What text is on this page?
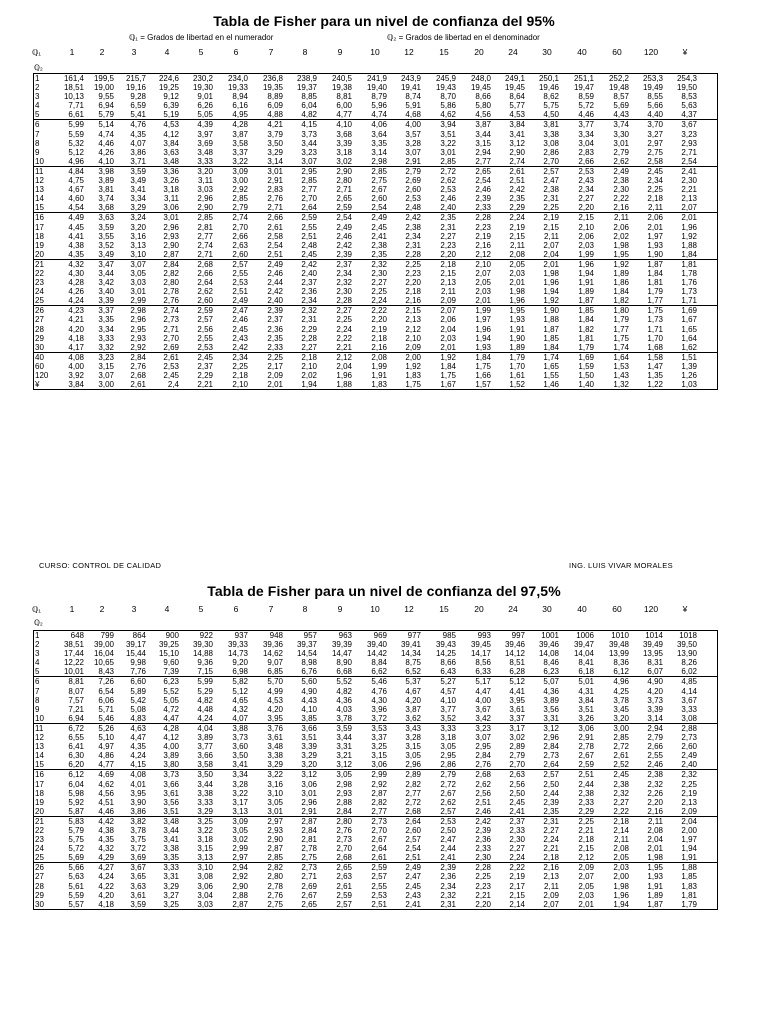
Tabla de Fisher para un nivel de confianza del 95%
ℚ₁ = Grados de libertad en el numerador	ℚ₂ = Grados de libertad en el denominador
ℚ₁	1	2	3	4	5	6	7	8	9	10	12	15	20	24	30	40	60	120	¥
ℚ₂
1	161,4 199,5 215,7 224,6 230,2 234,0 236,8 238,9 240,5 241,9 243,9 245,9 248,0 249,1 250,1 251,1 252,2 253,3 254,3
2	18,51 19,00 19,16 19,25 19,30 19,33 19,35 19,37 19,38 19,40 19,41 19,43 19,45 19,45 19,46 19,47 19,48 19,49 19,50
3	10,13 9,55 9,28 9,12 9,01 8,94 8,89 8,85 8,81 8,79 8,74 8,70 8,66 8,64 8,62 8,59 8,57 8,55 8,53
4	7,71 6,94 6,59 6,39 6,26 6,16 6,09 6,04 6,00 5,96 5,91 5,86 5,80 5,77 5,75 5,72 5,69 5,66 5,63
5	6,61 5,79 5,41 5,19 5,05 4,95 4,88 4,82 4,77 4,74 4,68 4,62 4,56 4,53 4,50 4,46 4,43 4,40 4,37
6	5,99 5,14 4,76 4,53 4,39 4,28 4,21 4,15 4,10 4,06 4,00 3,94 3,87 3,84 3,81 3,77 3,74 3,70 3,67
7	5,59 4,74 4,35 4,12 3,97 3,87 3,79 3,73 3,68 3,64 3,57 3,51 3,44 3,41 3,38 3,34 3,30 3,27 3,23
8	5,32 4,46 4,07 3,84 3,69 3,58 3,50 3,44 3,39 3,35 3,28 3,22 3,15 3,12 3,08 3,04 3,01 2,97 2,93
9	5,12 4,26 3,86 3,63 3,48 3,37 3,29 3,23 3,18 3,14 3,07 3,01 2,94 2,90 2,86 2,83 2,79 2,75 2,71
10	4,96 4,10 3,71 3,48 3,33 3,22 3,14 3,07 3,02 2,98 2,91 2,85 2,77 2,74 2,70 2,66 2,62 2,58 2,54
11	4,84 3,98 3,59 3,36 3,20 3,09 3,01 2,95 2,90 2,85 2,79 2,72 2,65 2,61 2,57 2,53 2,49 2,45 2,41
12	4,75 3,89 3,49 3,26 3,11 3,00 2,91 2,85 2,80 2,75 2,69 2,62 2,54 2,51 2,47 2,43 2,38 2,34 2,30
13	4,67 3,81 3,41 3,18 3,03 2,92 2,83 2,77 2,71 2,67 2,60 2,53 2,46 2,42 2,38 2,34 2,30 2,25 2,21
14	4,60 3,74 3,34 3,11 2,96 2,85 2,76 2,70 2,65 2,60 2,53 2,46 2,39 2,35 2,31 2,27 2,22 2,18 2,13
15	4,54 3,68 3,29 3,06 2,90 2,79 2,71 2,64 2,59 2,54 2,48 2,40 2,33 2,29 2,25 2,20 2,16 2,11 2,07
16	4,49 3,63 3,24 3,01 2,85 2,74 2,66 2,59 2,54 2,49 2,42 2,35 2,28 2,24 2,19 2,15	2,11 2,06 2,01
17	4,45 3,59 3,20 2,96 2,81 2,70 2,61 2,55 2,49 2,45 2,38 2,31 2,23 2,19 2,15 2,10 2,06 2,01 1,96
18	4,41 3,55 3,16 2,93 2,77 2,66 2,58 2,51 2,46 2,41 2,34 2,27 2,19 2,15 2,11 2,06 2,02 1,97 1,92
19	4,38 3,52 3,13 2,90 2,74 2,63 2,54 2,48 2,42 2,38 2,31 2,23 2,16 2,11 2,07 2,03 1,98 1,93 1,88
20	4,35 3,49 3,10 2,87 2,71 2,60 2,51 2,45 2,39 2,35 2,28 2,20 2,12 2,08 2,04 1,99 1,95 1,90 1,84
21	4,32 3,47 3,07 2,84 2,68 2,57 2,49 2,42 2,37 2,32 2,25 2,18 2,10 2,05 2,01 1,96 1,92 1,87 1,81
22	4,30 3,44 3,05 2,82 2,66 2,55 2,46 2,40 2,34 2,30 2,23 2,15 2,07 2,03 1,98 1,94 1,89 1,84 1,78
23	4,28 3,42 3,03 2,80 2,64 2,53 2,44 2,37 2,32 2,27 2,20 2,13 2,05 2,01 1,96 1,91 1,86 1,81 1,76
24	4,26 3,40 3,01 2,78 2,62 2,51 2,42 2,36 2,30 2,25 2,18	2,11 2,03 1,98 1,94 1,89 1,84 1,79 1,73
25	4,24 3,39 2,99 2,76 2,60 2,49 2,40 2,34 2,28 2,24 2,16 2,09 2,01 1,96 1,92 1,87 1,82 1,77 1,71
26	4,23 3,37 2,98 2,74 2,59 2,47 2,39 2,32 2,27 2,22 2,15 2,07 1,99 1,95 1,90 1,85 1,80 1,75 1,69
27	4,21 3,35 2,96 2,73 2,57 2,46 2,37 2,31 2,25 2,20 2,13 2,06 1,97 1,93 1,88 1,84 1,79 1,73 1,67
28	4,20 3,34 2,95 2,71 2,56 2,45 2,36 2,29 2,24 2,19 2,12 2,04 1,96 1,91 1,87 1,82 1,77 1,71 1,65
29	4,18 3,33 2,93 2,70 2,55 2,43 2,35 2,28 2,22 2,18 2,10 2,03 1,94 1,90 1,85 1,81 1,75 1,70 1,64
30	4,17 3,32 2,92 2,69 2,53 2,42 2,33 2,27 2,21 2,16 2,09 2,01 1,93 1,89 1,84 1,79 1,74 1,68 1,62
40	4,08 3,23 2,84 2,61 2,45 2,34 2,25 2,18 2,12 2,08 2,00 1,92 1,84 1,79 1,74 1,69 1,64 1,58 1,51
60	4,00 3,15 2,76 2,53 2,37 2,25 2,17 2,10 2,04 1,99 1,92 1,84 1,75 1,70 1,65 1,59 1,53 1,47 1,39
120	3,92 3,07 2,68 2,45 2,29 2,18 2,09 2,02 1,96 1,91 1,83 1,75 1,66 1,61 1,55 1,50 1,43 1,35 1,26
¥	3,84 3,00 2,61	2,4 2,21 2,10 2,01 1,94 1,88 1,83 1,75 1,67 1,57 1,52 1,46 1,40 1,32 1,22 1,03
CURSO: CONTROL DE CALIDAD	ING. LUIS VIVAR MORALES
Tabla de Fisher para un nivel de confianza del 97,5%
ℚ₁	1	2	3	4	5	6	7	8	9	10	12	15	20	24	30	40	60	120	¥
ℚ₂
1	648 799 864 900	922	937	948	957	963	969	977	985	993	997 1001 1006 1010 1014 1018
2	38,51 39,00 39,17 39,25 39,30 39,33 39,36 39,37 39,39 39,40 39,41 39,43 39,45 39,46 39,46 39,47 39,48 39,49 39,50
3	17,44 16,04 15,44 15,10 14,88 14,73 14,62 14,54 14,47 14,42 14,34 14,25 14,17 14,12 14,08 14,04 13,99 13,95 13,90
4	12,22 10,65 9,98 9,60 9,36 9,20 9,07 8,98 8,90 8,84 8,75 8,66 8,56 8,51 8,46 8,41 8,36 8,31 8,26
5	10,01 8,43 7,76 7,39 7,15 6,98 6,85 6,76 6,68 6,62 6,52 6,43 6,33 6,28 6,23 6,18 6,12 6,07 6,02
6	8,81 7,26 6,60 6,23 5,99 5,82 5,70 5,60 5,52 5,46 5,37 5,27 5,17 5,12 5,07 5,01 4,96 4,90 4,85
7	8,07 6,54 5,89 5,52 5,29 5,12 4,99 4,90 4,82 4,76 4,67 4,57 4,47 4,41 4,36 4,31 4,25 4,20 4,14
8	7,57 6,06 5,42 5,05 4,82 4,65 4,53 4,43 4,36 4,30 4,20 4,10 4,00 3,95 3,89 3,84 3,78 3,73 3,67
9	7,21 5,71 5,08 4,72 4,48 4,32 4,20 4,10 4,03 3,96 3,87 3,77 3,67 3,61 3,56 3,51 3,45 3,39 3,33
10	6,94 5,46 4,83 4,47 4,24 4,07 3,95 3,85 3,78 3,72 3,62 3,52 3,42 3,37 3,31 3,26 3,20 3,14 3,08
11	6,72 5,26 4,63 4,28 4,04 3,88 3,76 3,66 3,59 3,53 3,43 3,33 3,23 3,17 3,12 3,06 3,00 2,94 2,88
12	6,55 5,10 4,47 4,12 3,89 3,73 3,61 3,51 3,44 3,37 3,28 3,18 3,07 3,02 2,96 2,91 2,85 2,79 2,73
13	6,41 4,97 4,35 4,00 3,77 3,60 3,48 3,39 3,31 3,25 3,15 3,05 2,95 2,89 2,84 2,78 2,72 2,66 2,60
14	6,30 4,86 4,24 3,89 3,66 3,50 3,38 3,29 3,21 3,15 3,05 2,95 2,84 2,79 2,73 2,67 2,61 2,55 2,49
15	6,20 4,77 4,15 3,80 3,58 3,41 3,29 3,20 3,12 3,06 2,96 2,86 2,76 2,70 2,64 2,59 2,52 2,46 2,40
16	6,12 4,69 4,08 3,73 3,50 3,34 3,22 3,12 3,05 2,99 2,89 2,79 2,68 2,63 2,57 2,51 2,45 2,38 2,32
17	6,04 4,62 4,01 3,66 3,44 3,28 3,16 3,06 2,98 2,92 2,82 2,72 2,62 2,56 2,50 2,44 2,38 2,32 2,25
18	5,98 4,56 3,95 3,61 3,38 3,22 3,10 3,01 2,93 2,87 2,77 2,67 2,56 2,50 2,44 2,38 2,32 2,26 2,19
19	5,92 4,51 3,90 3,56 3,33 3,17 3,05 2,96 2,88 2,82 2,72 2,62 2,51 2,45 2,39 2,33 2,27 2,20 2,13
20	5,87 4,46 3,86 3,51 3,29 3,13 3,01 2,91 2,84 2,77 2,68 2,57 2,46 2,41 2,35 2,29 2,22 2,16 2,09
21	5,83 4,42 3,82 3,48 3,25 3,09 2,97 2,87 2,80 2,73 2,64 2,53 2,42 2,37 2,31 2,25 2,18 2,11 2,04
22	5,79 4,38 3,78 3,44 3,22 3,05 2,93 2,84 2,76 2,70 2,60 2,50 2,39 2,33 2,27 2,21 2,14 2,08 2,00
23	5,75 4,35 3,75 3,41 3,18 3,02 2,90 2,81 2,73 2,67 2,57 2,47 2,36 2,30 2,24 2,18	2,11 2,04 1,97
24	5,72 4,32 3,72 3,38 3,15 2,99 2,87 2,78 2,70 2,64 2,54 2,44 2,33 2,27 2,21 2,15 2,08 2,01 1,94
25	5,69 4,29 3,69 3,35 3,13 2,97 2,85 2,75 2,68 2,61 2,51 2,41 2,30 2,24 2,18 2,12 2,05 1,98 1,91
26	5,66 4,27 3,67 3,33 3,10 2,94 2,82 2,73 2,65 2,59 2,49 2,39 2,28 2,22 2,16 2,09 2,03 1,95 1,88
27	5,63 4,24 3,65 3,31 3,08 2,92 2,80 2,71 2,63 2,57 2,47 2,36 2,25 2,19 2,13 2,07 2,00 1,93 1,85
28	5,61 4,22 3,63 3,29 3,06 2,90 2,78 2,69 2,61 2,55 2,45 2,34 2,23 2,17 2,11 2,05 1,98 1,91 1,83
29	5,59 4,20 3,61 3,27 3,04 2,88 2,76 2,67 2,59 2,53 2,43 2,32 2,21 2,15 2,09 2,03 1,96 1,89 1,81
30	5,57 4,18 3,59 3,25 3,03 2,87 2,75 2,65 2,57 2,51 2,41 2,31 2,20 2,14 2,07 2,01 1,94 1,87 1,79
